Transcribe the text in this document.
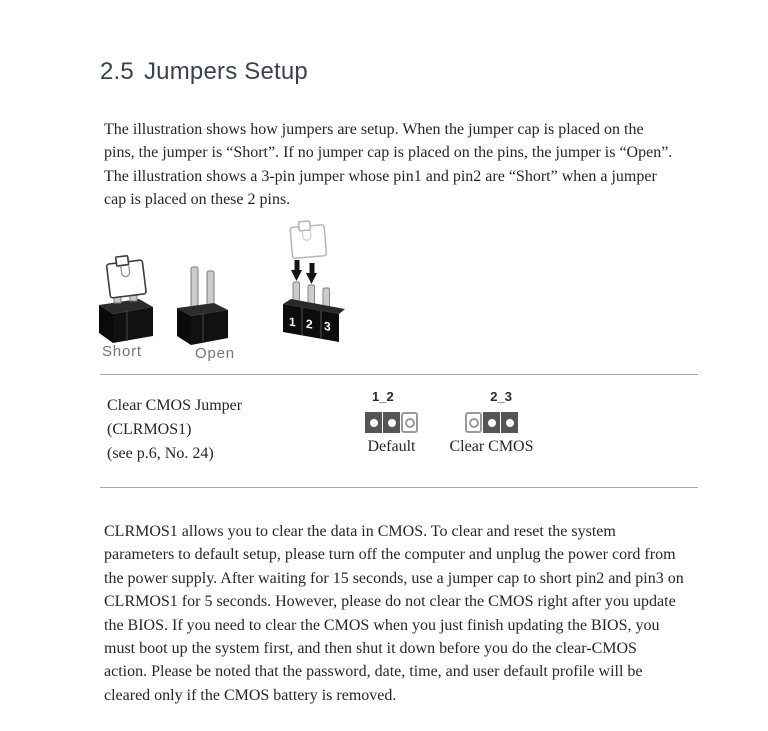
2.5 Jumpers Setup

The illustration shows how jumpers are setup. When the jumper cap is placed on the pins, the jumper is “Short”. If no jumper cap is placed on the pins, the jumper is “Open”. The illustration shows a 3-pin jumper whose pin1 and pin2 are “Short” when a jumper cap is placed on these 2 pins.

Short	Open
1 2 3
Clear CMOS Jumper
(CLRMOS1)
(see p.6, No. 24)
1_2
Default
2_3
Clear CMOS

CLRMOS1 allows you to clear the data in CMOS. To clear and reset the system parameters to default setup, please turn off the computer and unplug the power cord from the power supply. After waiting for 15 seconds, use a jumper cap to short pin2 and pin3 on CLRMOS1 for 5 seconds. However, please do not clear the CMOS right after you update the BIOS. If you need to clear the CMOS when you just finish updating the BIOS, you must boot up the system first, and then shut it down before you do the clear-CMOS action. Please be noted that the password, date, time, and user default profile will be cleared only if the CMOS battery is removed.
